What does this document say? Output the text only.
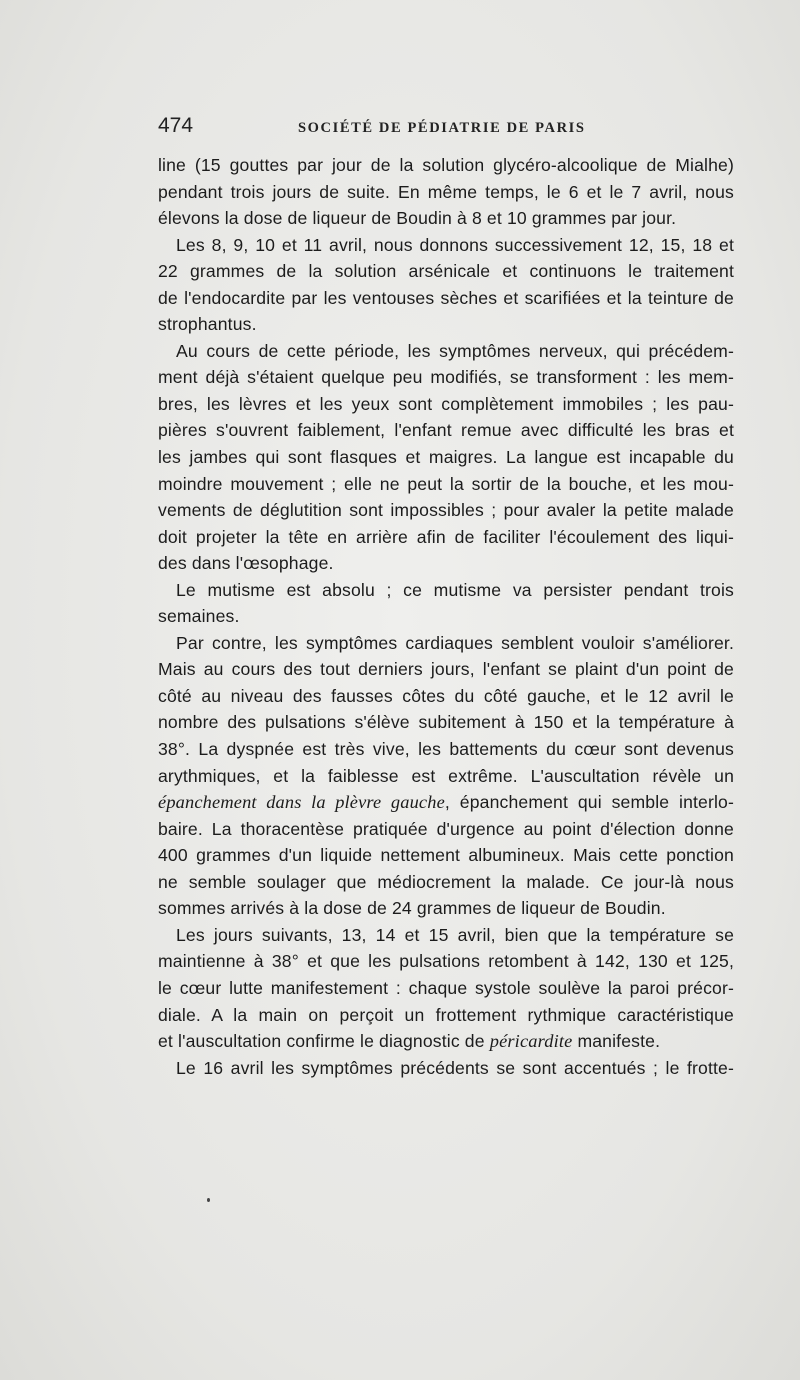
474	SOCIÉTÉ DE PÉDIATRIE DE PARIS
line (15 gouttes par jour de la solution glycéro-alcoolique de Mialhe)
pendant trois jours de suite. En même temps, le 6 et le 7 avril, nous
élevons la dose de liqueur de Boudin à 8 et 10 grammes par jour.
Les 8, 9, 10 et 11 avril, nous donnons successivement 12, 15, 18 et
22 grammes de la solution arsénicale et continuons le traitement
de l'endocardite par les ventouses sèches et scarifiées et la teinture de
strophantus.
Au cours de cette période, les symptômes nerveux, qui précédem-
ment déjà s'étaient quelque peu modifiés, se transforment : les mem-
bres, les lèvres et les yeux sont complètement immobiles ; les pau-
pières s'ouvrent faiblement, l'enfant remue avec difficulté les bras et
les jambes qui sont flasques et maigres. La langue est incapable du
moindre mouvement ; elle ne peut la sortir de la bouche, et les mou-
vements de déglutition sont impossibles ; pour avaler la petite malade
doit projeter la tête en arrière afin de faciliter l'écoulement des liqui-
des dans l'œsophage.
Le mutisme est absolu ; ce mutisme va persister pendant trois
semaines.
Par contre, les symptômes cardiaques semblent vouloir s'améliorer.
Mais au cours des tout derniers jours, l'enfant se plaint d'un point de
côté au niveau des fausses côtes du côté gauche, et le 12 avril le
nombre des pulsations s'élève subitement à 150 et la température à
38°. La dyspnée est très vive, les battements du cœur sont devenus
arythmiques, et la faiblesse est extrême. L'auscultation révèle un
épanchement dans la plèvre gauche, épanchement qui semble interlo-
baire. La thoracentèse pratiquée d'urgence au point d'élection donne
400 grammes d'un liquide nettement albumineux. Mais cette ponction
ne semble soulager que médiocrement la malade. Ce jour-là nous
sommes arrivés à la dose de 24 grammes de liqueur de Boudin.
Les jours suivants, 13, 14 et 15 avril, bien que la température se
maintienne à 38° et que les pulsations retombent à 142, 130 et 125,
le cœur lutte manifestement : chaque systole soulève la paroi précor-
diale. A la main on perçoit un frottement rythmique caractéristique
et l'auscultation confirme le diagnostic de péricardite manifeste.
Le 16 avril les symptômes précédents se sont accentués ; le frotte-
